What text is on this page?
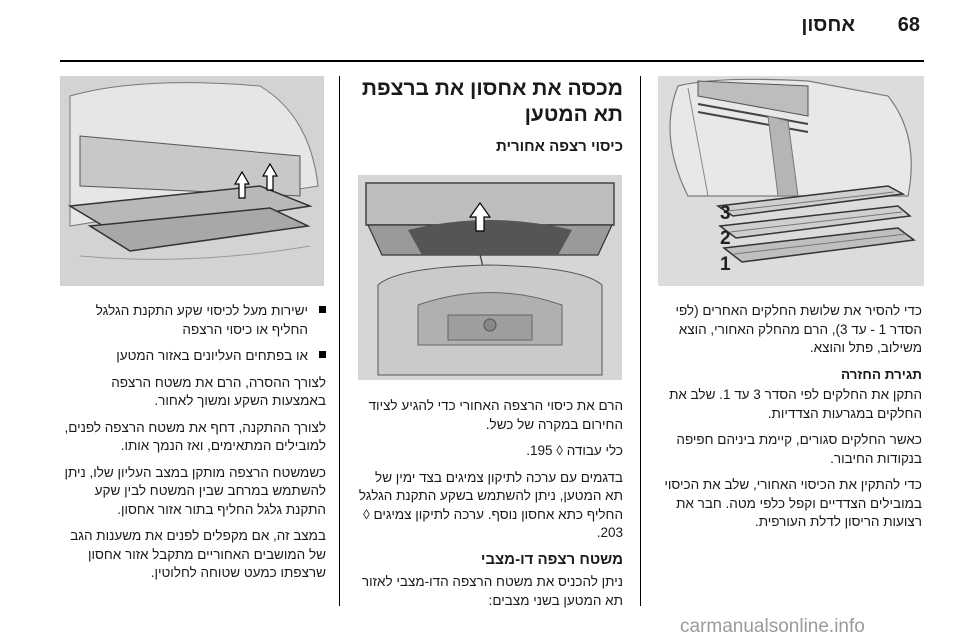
אחסון 68
3
2
1

כדי להסיר את שלושת החלקים האחרים (לפי הסדר 1 - עד 3), הרם מהחלק האחורי, הוצא משילוב, פתל והוצא.

תגירת החזרה

התקן את החלקים לפי הסדר 3 עד 1. שלב את החלקים במגרעות הצדדיות.

כאשר החלקים סגורים, קיימת ביניהם חפיפה בנקודות החיבור.

כדי להתקין את הכיסוי האחורי, שלב את הכיסוי במובילים הצדדיים וקפל כלפי מטה. חבר את רצועות הריסון לדלת העורפית.

מכסה את אחסון את ברצפת תא המטען
כיסוי רצפה אחורית

הרם את כיסוי הרצפה האחורי כדי להגיע לציוד החירום במקרה של כשל.

כלי עבודה ◊ 195.

בדגמים עם ערכה לתיקון צמיגים בצד ימין של תא המטען, ניתן להשתמש בשקע התקנת הגלגל החליף כתא אחסון נוסף. ערכה לתיקון צמיגים ◊ 203.

משטח רצפה דו-מצבי

ניתן להכניס את משטח הרצפה הדו-מצבי לאזור תא המטען בשני מצבים:

ישירות מעל לכיסוי שקע התקנת הגלגל החליף או כיסוי הרצפה

או בפתחים העליונים באזור המטען

לצורך ההסרה, הרם את משטח הרצפה באמצעות השקע ומשוך לאחור.

לצורך ההתקנה, דחף את משטח הרצפה לפנים, למובילים המתאימים, ואז הנמך אותו.

כשמשטח הרצפה מותקן במצב העליון שלו, ניתן להשתמש במרחב שבין המשטח לבין שקע התקנת גלגל החליף בתור אזור אחסון.

במצב זה, אם מקפלים לפנים את משענות הגב של המושבים האחוריים מתקבל אזור אחסון שרצפתו כמעט שטוחה לחלוטין.

carmanualsonline.info
